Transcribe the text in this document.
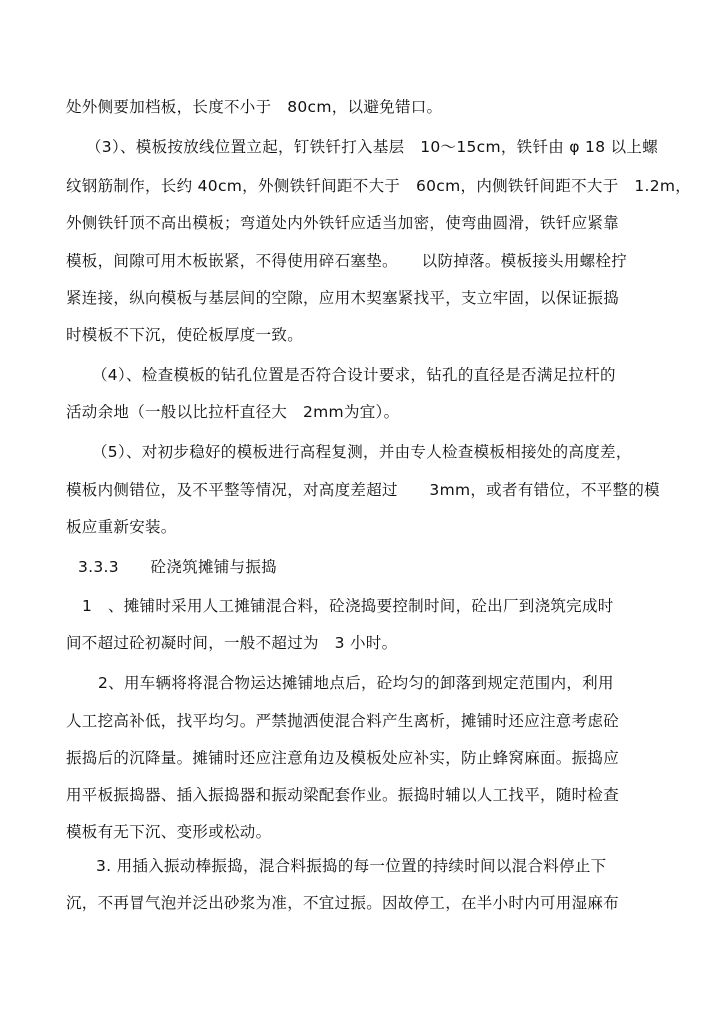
处外侧要加档板，长度不小于　80cm，以避免错口。
（3）、模板按放线位置立起，钉铁钎打入基层　10～15cm，铁钎由 φ 18 以上螺
纹钢筋制作，长约 40cm，外侧铁钎间距不大于　60cm，内侧铁钎间距不大于　1.2m，
外侧铁钎顶不高出模板；弯道处内外铁钎应适当加密，使弯曲圆滑，铁钎应紧靠
模板，间隙可用木板嵌紧，不得使用碎石塞垫。　　以防掉落。模板接头用螺栓拧
紧连接，纵向模板与基层间的空隙，应用木契塞紧找平，支立牢固，以保证振捣
时模板不下沉，使砼板厚度一致。
（4）、检查模板的钻孔位置是否符合设计要求，钻孔的直径是否满足拉杆的
活动余地（一般以比拉杆直径大　2mm为宜）。
（5）、对初步稳好的模板进行高程复测，并由专人检查模板相接处的高度差，
模板内侧错位，及不平整等情况，对高度差超过　　3mm，或者有错位，不平整的模
板应重新安装。
3.3.3　　砼浇筑摊铺与振捣
1　、摊铺时采用人工摊铺混合料，砼浇捣要控制时间，砼出厂到浇筑完成时
间不超过砼初凝时间，一般不超过为　3 小时。
2、用车辆将将混合物运达摊铺地点后，砼均匀的卸落到规定范围内，利用
人工挖高补低，找平均匀。严禁抛洒使混合料产生离析，摊铺时还应注意考虑砼
振捣后的沉降量。摊铺时还应注意角边及模板处应补实，防止蜂窝麻面。振捣应
用平板振捣器、插入振捣器和振动梁配套作业。振捣时辅以人工找平，随时检查
模板有无下沉、变形或松动。
3. 用插入振动棒振捣，混合料振捣的每一位置的持续时间以混合料停止下
沉，不再冒气泡并泛出砂浆为准，不宜过振。因故停工，在半小时内可用湿麻布
